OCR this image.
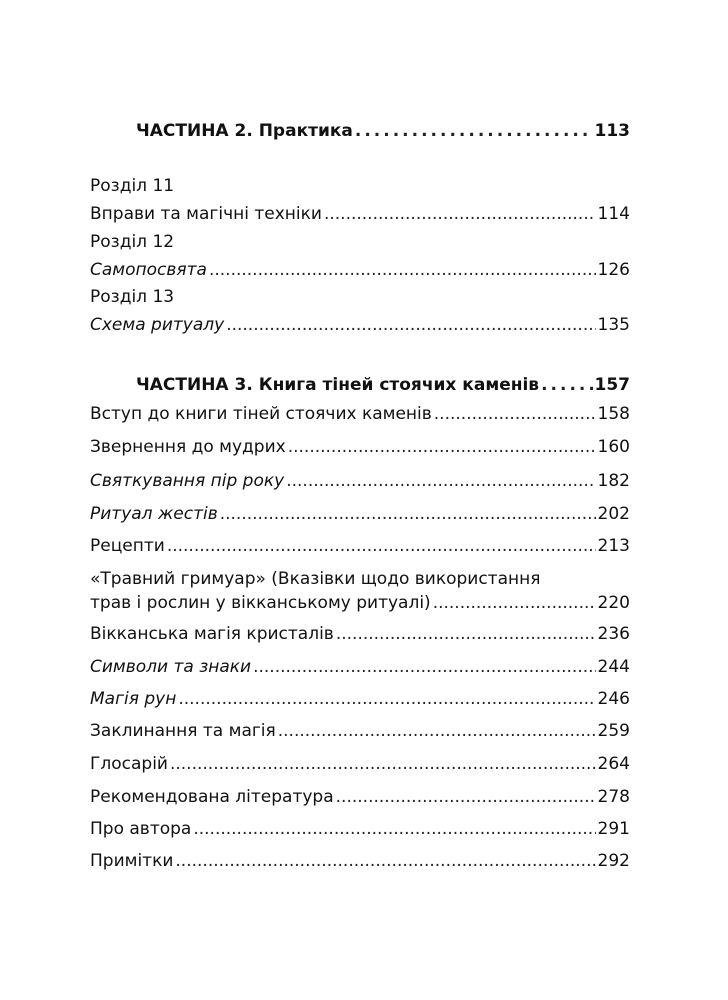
ЧАСТИНА 2. Практика .....	113
Розділ 11
Вправи та магічні техніки .....	114
Розділ 12
Самопосвята .....	126
Розділ 13
Схема ритуалу .....	135
ЧАСТИНА 3. Книга тіней стоячих каменів .....	157
Вступ до книги тіней стоячих каменів .....	158
Звернення до мудрих .....	160
Святкування пір року .....	182
Ритуал жестів .....	202
Рецепти .....	213
«Травний гримуар» (Вказівки щодо використання
трав і рослин у вікканському ритуалі) .....	220
Вікканська магія кристалів .....	236
Символи та знаки .....	244
Магія рун .....	246
Заклинання та магія .....	259
Глосарій .....	264
Рекомендована література .....	278
Про автора .....	291
Примітки .....	292
